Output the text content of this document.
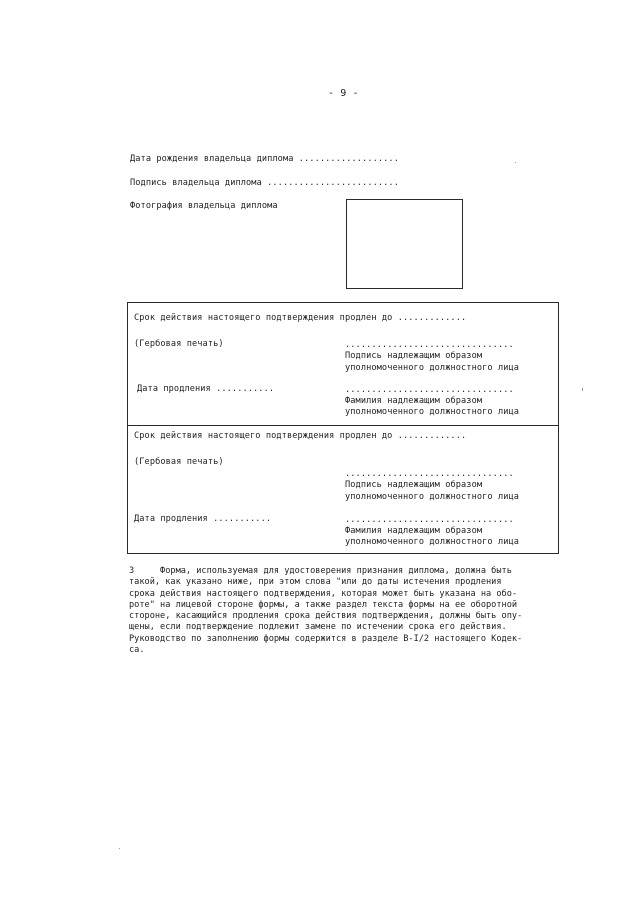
- 9 -
Дата рождения владельца диплома ...................
Подпись владельца диплома .........................
Фотография владельца диплома
Срок действия настоящего подтверждения продлен до .............
(Гербовая печать)	................................
Подпись надлежащим образом
уполномоченного должностного лица
Дата продления ...........	................................
Фамилия надлежащим образом
уполномоченного должностного лица
Срок действия настоящего подтверждения продлен до .............
(Гербовая печать)
................................
Подпись надлежащим образом
уполномоченного должностного лица
Дата продления ...........	................................
Фамилия надлежащим образом
уполномоченного должностного лица
3     Форма, используемая для удостоверения признания диплома, должна быть
такой, как указано ниже, при этом слова "или до даты истечения продления
срока действия настоящего подтверждения, которая может быть указана на обо-
роте" на лицевой стороне формы, а также раздел текста формы на ее оборотной
стороне, касающийся продления срока действия подтверждения, должны быть опу-
щены, если подтверждение подлежит замене по истечении срока его действия.
Руководство по заполнению формы содержится в разделе B-I/2 настоящего Кодек-
са.
